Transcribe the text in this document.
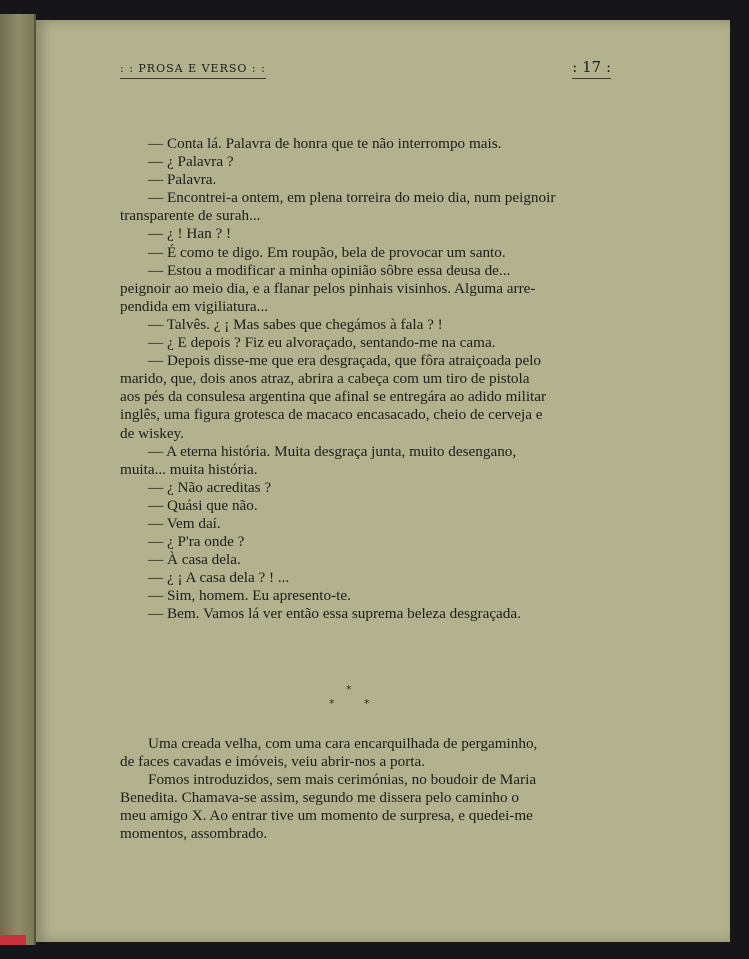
: : PROSA E VERSO : :	: 17 :

— Conta lá. Palavra de honra que te não interrompo mais.

— ¿ Palavra ?

— Palavra.

— Encontrei-a ontem, em plena torreira do meio dia, num peignoir

transparente de surah...

— ¿ ! Han ? !

— É como te digo. Em roupão, bela de provocar um santo.

— Estou a modificar a minha opinião sôbre essa deusa de...

peignoir ao meio dia, e a flanar pelos pinhais visinhos. Alguma arre-

pendida em vigiliatura...

— Talvês. ¿ ¡ Mas sabes que chegámos à fala ? !

— ¿ E depois ? Fiz eu alvoraçado, sentando-me na cama.

— Depois disse-me que era desgraçada, que fôra atraiçoada pelo

marido, que, dois anos atraz, abrira a cabeça com um tiro de pistola

aos pés da consulesa argentina que afinal se entregára ao adido militar

inglês, uma figura grotesca de macaco encasacado, cheio de cerveja e

de wiskey.

— A eterna história. Muita desgraça junta, muito desengano,

muita... muita história.

— ¿ Não acreditas ?

— Quási que não.

— Vem daí.

— ¿ P'ra onde ?

— À casa dela.

— ¿ ¡ A casa dela ? ! ...

— Sim, homem. Eu apresento-te.

— Bem. Vamos lá ver então essa suprema beleza desgraçada.

*
*	*

Uma creada velha, com uma cara encarquilhada de pergaminho,

de faces cavadas e imóveis, veiu abrir-nos a porta.

Fomos introduzidos, sem mais cerimónias, no boudoir de Maria

Benedita. Chamava-se assim, segundo me dissera pelo caminho o

meu amigo X. Ao entrar tive um momento de surpresa, e quedei-me

momentos, assombrado.
